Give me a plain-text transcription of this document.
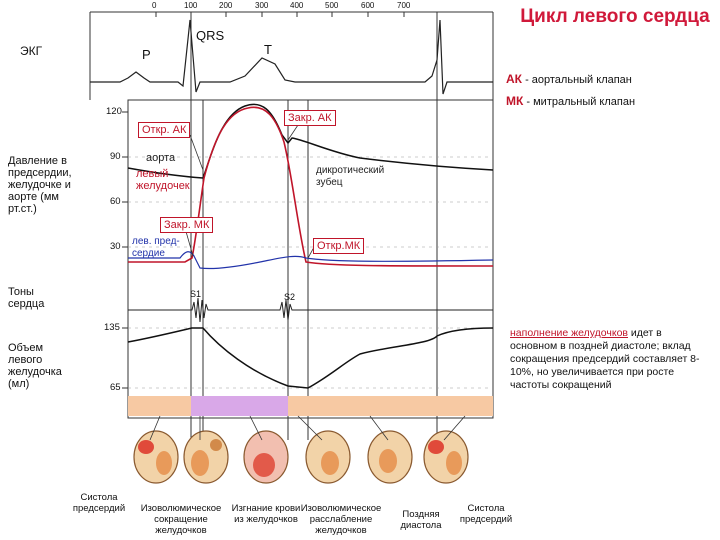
0	100	200	300	400	500	600	700
Цикл левого сердца
АК - аортальный клапан
МК - митральный клапан
ЭКГ	P
QRS
T
Давление в предсердии, желудочке и аорте (мм рт.ст.)
120
90
60
30
Откр. АК
Закр. АК
Закр. МК
Откр.МК
аорта
левый желудочек
лев. пред- сердие
дикротический зубец
Тоны сердца
S1	S2
Объем левого желудочка (мл)
135
65
наполнение желудочков идет в основном в поздней диастоле; вклад сокращения предсердий составляет 8-10%, но увеличивается при росте частоты сокращений
Систола предсердий	Изоволюмическое сокращение желудочков
Изгнание крови из желудочков
Изоволюмическое расслабление желудочков
Поздняя диастола
Систола предсердий
